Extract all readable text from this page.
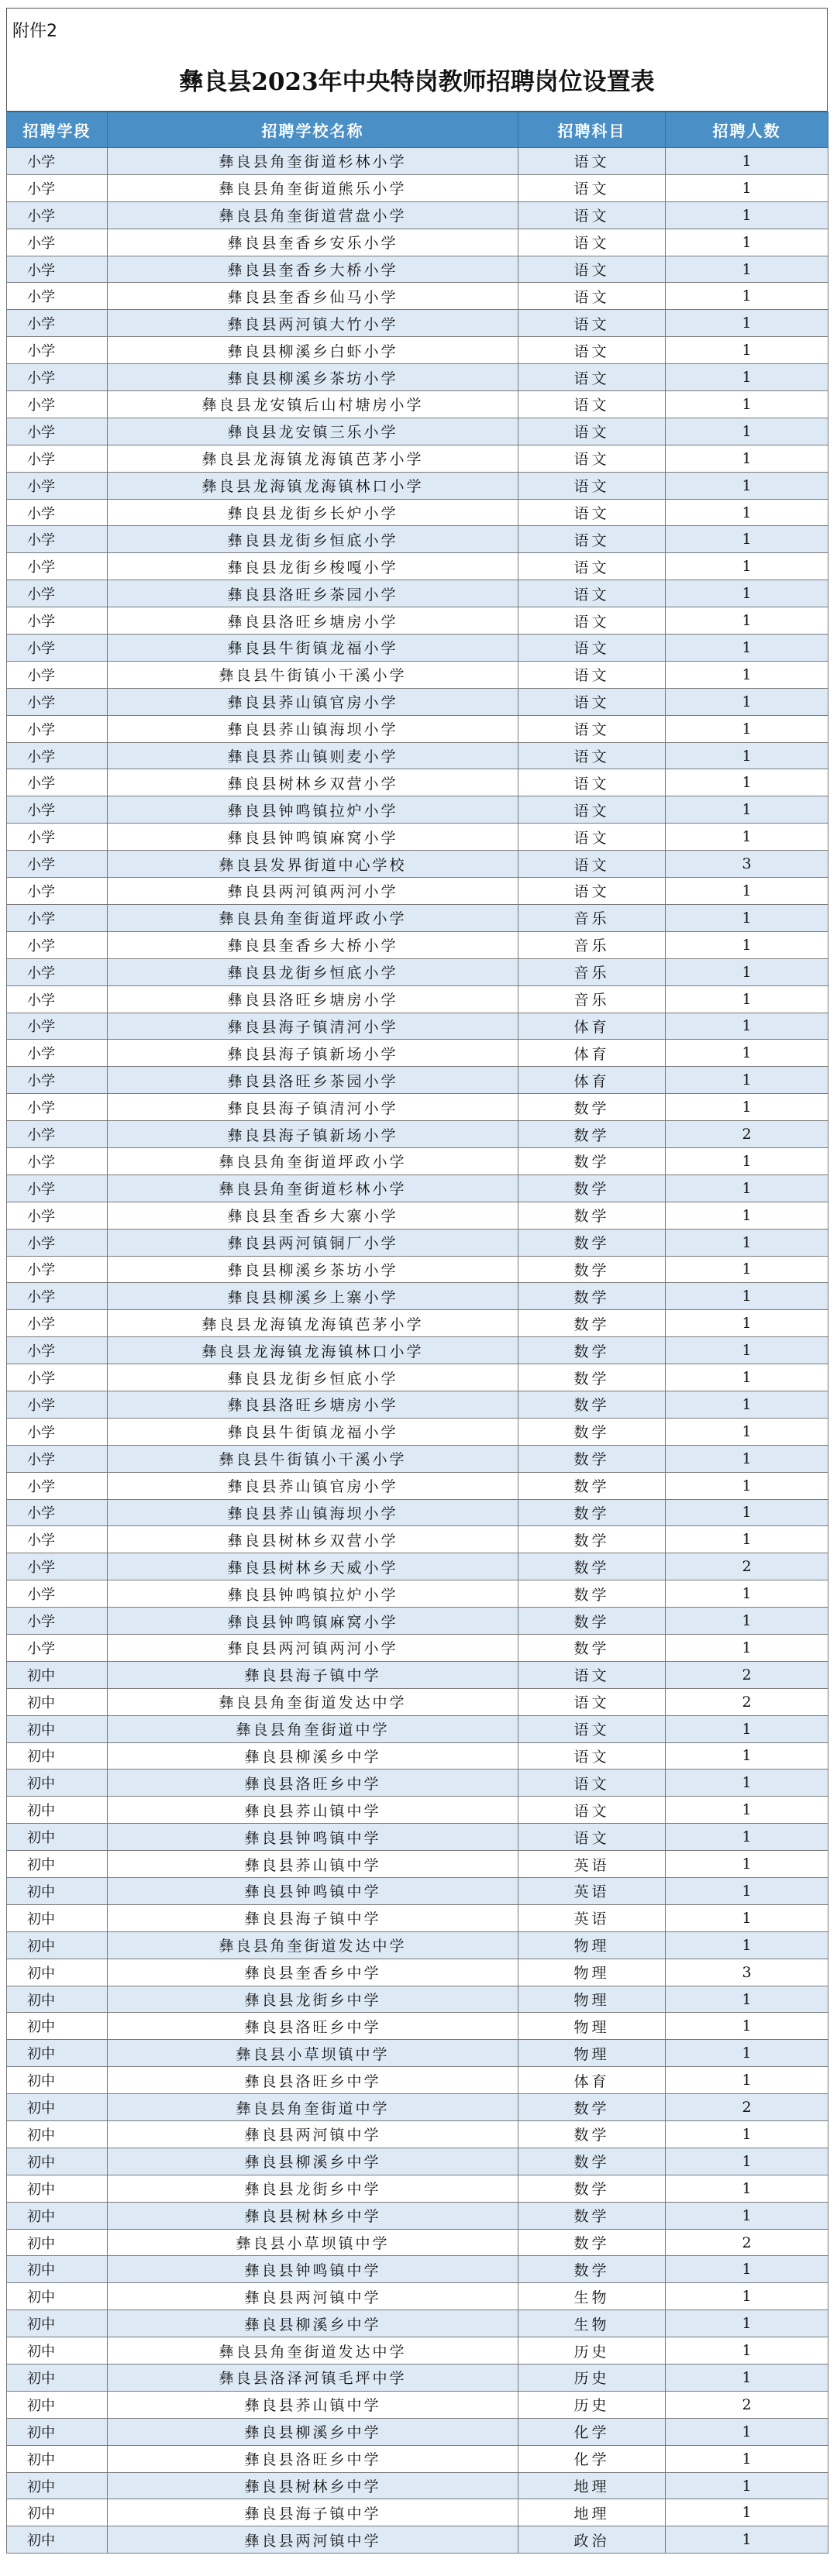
附件2
彝良县2023年中央特岗教师招聘岗位设置表
招聘学段	招聘学校名称	招聘科目	招聘人数
小学	彝良县角奎街道杉林小学	语文	1
小学	彝良县角奎街道熊乐小学	语文	1
小学	彝良县角奎街道营盘小学	语文	1
小学	彝良县奎香乡安乐小学	语文	1
小学	彝良县奎香乡大桥小学	语文	1
小学	彝良县奎香乡仙马小学	语文	1
小学	彝良县两河镇大竹小学	语文	1
小学	彝良县柳溪乡白虾小学	语文	1
小学	彝良县柳溪乡茶坊小学	语文	1
小学	彝良县龙安镇后山村塘房小学	语文	1
小学	彝良县龙安镇三乐小学	语文	1
小学	彝良县龙海镇龙海镇芭茅小学	语文	1
小学	彝良县龙海镇龙海镇林口小学	语文	1
小学	彝良县龙街乡长炉小学	语文	1
小学	彝良县龙街乡恒底小学	语文	1
小学	彝良县龙街乡梭嘎小学	语文	1
小学	彝良县洛旺乡茶园小学	语文	1
小学	彝良县洛旺乡塘房小学	语文	1
小学	彝良县牛街镇龙福小学	语文	1
小学	彝良县牛街镇小干溪小学	语文	1
小学	彝良县荞山镇官房小学	语文	1
小学	彝良县荞山镇海坝小学	语文	1
小学	彝良县荞山镇则麦小学	语文	1
小学	彝良县树林乡双营小学	语文	1
小学	彝良县钟鸣镇拉炉小学	语文	1
小学	彝良县钟鸣镇麻窝小学	语文	1
小学	彝良县发界街道中心学校	语文	3
小学	彝良县两河镇两河小学	语文	1
小学	彝良县角奎街道坪政小学	音乐	1
小学	彝良县奎香乡大桥小学	音乐	1
小学	彝良县龙街乡恒底小学	音乐	1
小学	彝良县洛旺乡塘房小学	音乐	1
小学	彝良县海子镇清河小学	体育	1
小学	彝良县海子镇新场小学	体育	1
小学	彝良县洛旺乡茶园小学	体育	1
小学	彝良县海子镇清河小学	数学	1
小学	彝良县海子镇新场小学	数学	2
小学	彝良县角奎街道坪政小学	数学	1
小学	彝良县角奎街道杉林小学	数学	1
小学	彝良县奎香乡大寨小学	数学	1
小学	彝良县两河镇铜厂小学	数学	1
小学	彝良县柳溪乡茶坊小学	数学	1
小学	彝良县柳溪乡上寨小学	数学	1
小学	彝良县龙海镇龙海镇芭茅小学	数学	1
小学	彝良县龙海镇龙海镇林口小学	数学	1
小学	彝良县龙街乡恒底小学	数学	1
小学	彝良县洛旺乡塘房小学	数学	1
小学	彝良县牛街镇龙福小学	数学	1
小学	彝良县牛街镇小干溪小学	数学	1
小学	彝良县荞山镇官房小学	数学	1
小学	彝良县荞山镇海坝小学	数学	1
小学	彝良县树林乡双营小学	数学	1
小学	彝良县树林乡天威小学	数学	2
小学	彝良县钟鸣镇拉炉小学	数学	1
小学	彝良县钟鸣镇麻窝小学	数学	1
小学	彝良县两河镇两河小学	数学	1
初中	彝良县海子镇中学	语文	2
初中	彝良县角奎街道发达中学	语文	2
初中	彝良县角奎街道中学	语文	1
初中	彝良县柳溪乡中学	语文	1
初中	彝良县洛旺乡中学	语文	1
初中	彝良县荞山镇中学	语文	1
初中	彝良县钟鸣镇中学	语文	1
初中	彝良县荞山镇中学	英语	1
初中	彝良县钟鸣镇中学	英语	1
初中	彝良县海子镇中学	英语	1
初中	彝良县角奎街道发达中学	物理	1
初中	彝良县奎香乡中学	物理	3
初中	彝良县龙街乡中学	物理	1
初中	彝良县洛旺乡中学	物理	1
初中	彝良县小草坝镇中学	物理	1
初中	彝良县洛旺乡中学	体育	1
初中	彝良县角奎街道中学	数学	2
初中	彝良县两河镇中学	数学	1
初中	彝良县柳溪乡中学	数学	1
初中	彝良县龙街乡中学	数学	1
初中	彝良县树林乡中学	数学	1
初中	彝良县小草坝镇中学	数学	2
初中	彝良县钟鸣镇中学	数学	1
初中	彝良县两河镇中学	生物	1
初中	彝良县柳溪乡中学	生物	1
初中	彝良县角奎街道发达中学	历史	1
初中	彝良县洛泽河镇毛坪中学	历史	1
初中	彝良县荞山镇中学	历史	2
初中	彝良县柳溪乡中学	化学	1
初中	彝良县洛旺乡中学	化学	1
初中	彝良县树林乡中学	地理	1
初中	彝良县海子镇中学	地理	1
初中	彝良县两河镇中学	政治	1
